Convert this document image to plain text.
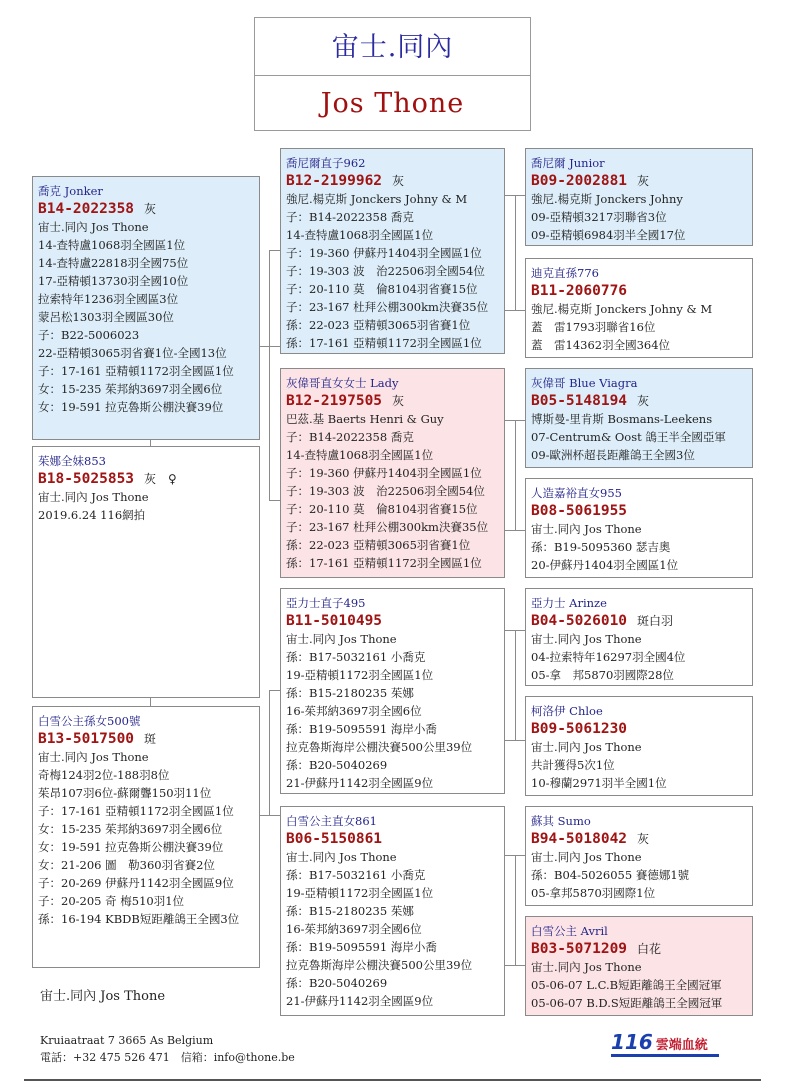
宙士.同內
Jos Thone
喬克 Jonker
B14-2022358 灰
宙士.同內 Jos Thone
14-查特盧1068羽全國區1位
14-查特盧22818羽全國75位
17-亞精頓13730羽全國10位
拉索特年1236羽全國區3位
蒙呂松1303羽全國區30位
子：B22-5006023
22-亞精頓3065羽省賽1位-全國13位
子：17-161 亞精頓1172羽全國區1位
女：15-235 茱邦納3697羽全國6位
女：19-591 拉克魯斯公棚決賽39位
茱娜全妹853
B18-5025853 灰　♀
宙士.同內 Jos Thone
2019.6.24 116網拍
白雪公主孫女500號
B13-5017500 斑
宙士.同內 Jos Thone
奇梅124羽2位-188羽8位
茱昂107羽6位-蘇爾聾150羽11位
子：17-161 亞精頓1172羽全國區1位
女：15-235 茱邦納3697羽全國6位
女：19-591 拉克魯斯公棚決賽39位
女：21-206 圖　勒360羽省賽2位
子：20-269 伊蘇丹1142羽全國區9位
子：20-205 奇 梅510羽1位
孫：16-194 KBDB短距離鴿王全國3位
喬尼爾直子962
B12-2199962 灰
強尼.楊克斯 Jonckers Johny & M
子：B14-2022358 喬克
14-查特盧1068羽全國區1位
子：19-360 伊蘇丹1404羽全國區1位
子：19-303 波　治22506羽全國54位
子：20-110 莫　倫8104羽省賽15位
子：23-167 杜拜公棚300km決賽35位
孫：22-023 亞精頓3065羽省賽1位
孫：17-161 亞精頓1172羽全國區1位
灰偉哥直女女士 Lady
B12-2197505 灰
巴茲.基 Baerts Henri & Guy
子：B14-2022358 喬克
14-查特盧1068羽全國區1位
子：19-360 伊蘇丹1404羽全國區1位
子：19-303 波　治22506羽全國54位
子：20-110 莫　倫8104羽省賽15位
子：23-167 杜拜公棚300km決賽35位
孫：22-023 亞精頓3065羽省賽1位
孫：17-161 亞精頓1172羽全國區1位
亞力士直子495
B11-5010495
宙士.同內 Jos Thone
孫：B17-5032161 小喬克
19-亞精頓1172羽全國區1位
孫：B15-2180235 茱娜
16-茱邦納3697羽全國6位
孫：B19-5095591 海岸小喬
拉克魯斯海岸公棚決賽500公里39位
孫：B20-5040269
21-伊蘇丹1142羽全國區9位
白雪公主直女861
B06-5150861
宙士.同內 Jos Thone
孫：B17-5032161 小喬克
19-亞精頓1172羽全國區1位
孫：B15-2180235 茱娜
16-茱邦納3697羽全國6位
孫：B19-5095591 海岸小喬
拉克魯斯海岸公棚決賽500公里39位
孫：B20-5040269
21-伊蘇丹1142羽全國區9位
喬尼爾 Junior
B09-2002881 灰
強尼.楊克斯 Jonckers Johny
09-亞精頓3217羽聯省3位
09-亞精頓6984羽半全國17位
迪克直孫776
B11-2060776
強尼.楊克斯 Jonckers Johny & M
蓋　雷1793羽聯省16位
蓋　雷14362羽全國364位
灰偉哥 Blue Viagra
B05-5148194 灰
博斯曼-里肯斯 Bosmans-Leekens
07-Centrum& Oost 鴿王半全國亞軍
09-歐洲杯超長距離鴿王全國3位
人造嘉裕直女955
B08-5061955
宙士.同內 Jos Thone
孫：B19-5095360 瑟吉奧
20-伊蘇丹1404羽全國區1位
亞力士 Arinze
B04-5026010 斑白羽
宙士.同內 Jos Thone
04-拉索特年16297羽全國4位
05-拿　邦5870羽國際28位
柯洛伊 Chloe
B09-5061230
宙士.同內 Jos Thone
共計獲得5次1位
10-穆蘭2971羽半全國1位
蘇其 Sumo
B94-5018042 灰
宙士.同內 Jos Thone
孫：B04-5026055 賽德娜1號
05-拿邦5870羽國際1位
白雪公主 Avril
B03-5071209 白花
宙士.同內 Jos Thone
05-06-07 L.C.B短距離鴿王全國冠軍
05-06-07 B.D.S短距離鴿王全國冠軍
宙士.同內 Jos Thone
Kruiaatraat 7 3665 As Belgium
電話：+32 475 526 471　信箱：info@thone.be
116 雲端血統
